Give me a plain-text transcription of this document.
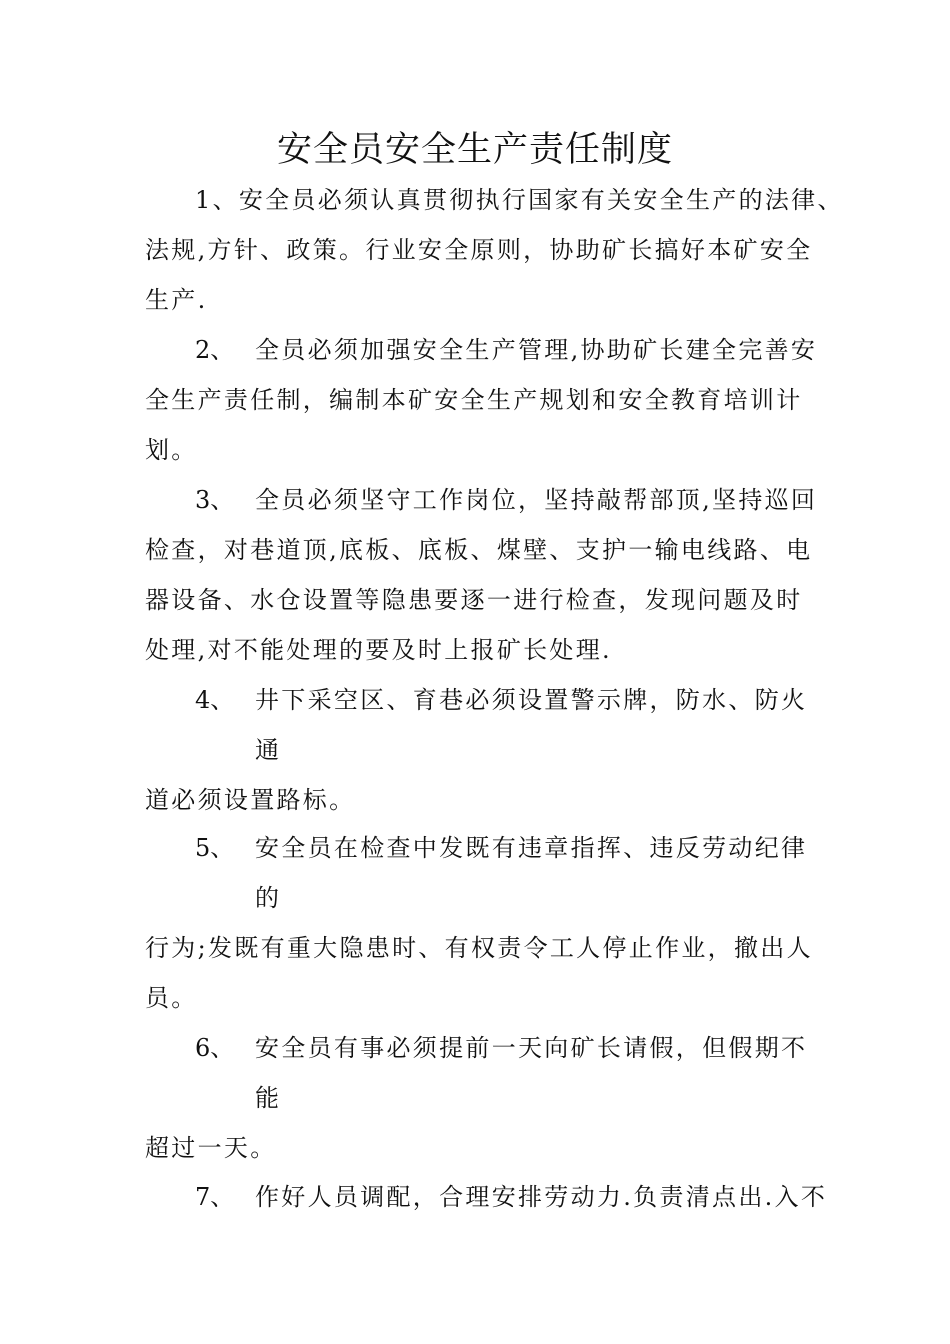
安全员安全生产责任制度

1、安全员必须认真贯彻执行国家有关安全生产的法律、

法规,方针、政策。行业安全原则，协助矿长搞好本矿安全

生产.

2、 全员必须加强安全生产管理,协助矿长建全完善安

全生产责任制，编制本矿安全生产规划和安全教育培训计

划。

3、 全员必须坚守工作岗位，坚持敲帮部顶,坚持巡回

检查，对巷道顶,底板、底板、煤壁、支护一输电线路、电

器设备、水仓设置等隐患要逐一进行检查，发现问题及时

处理,对不能处理的要及时上报矿长处理.

4、 井下采空区、育巷必须设置警示牌，防水、防火

通

道必须设置路标。

5、 安全员在检查中发既有违章指挥、违反劳动纪律

的

行为;发既有重大隐患时、有权责令工人停止作业，撤出人

员。

6、 安全员有事必须提前一天向矿长请假，但假期不

能

超过一天。

7、 作好人员调配，合理安排劳动力.负责清点出.入不
